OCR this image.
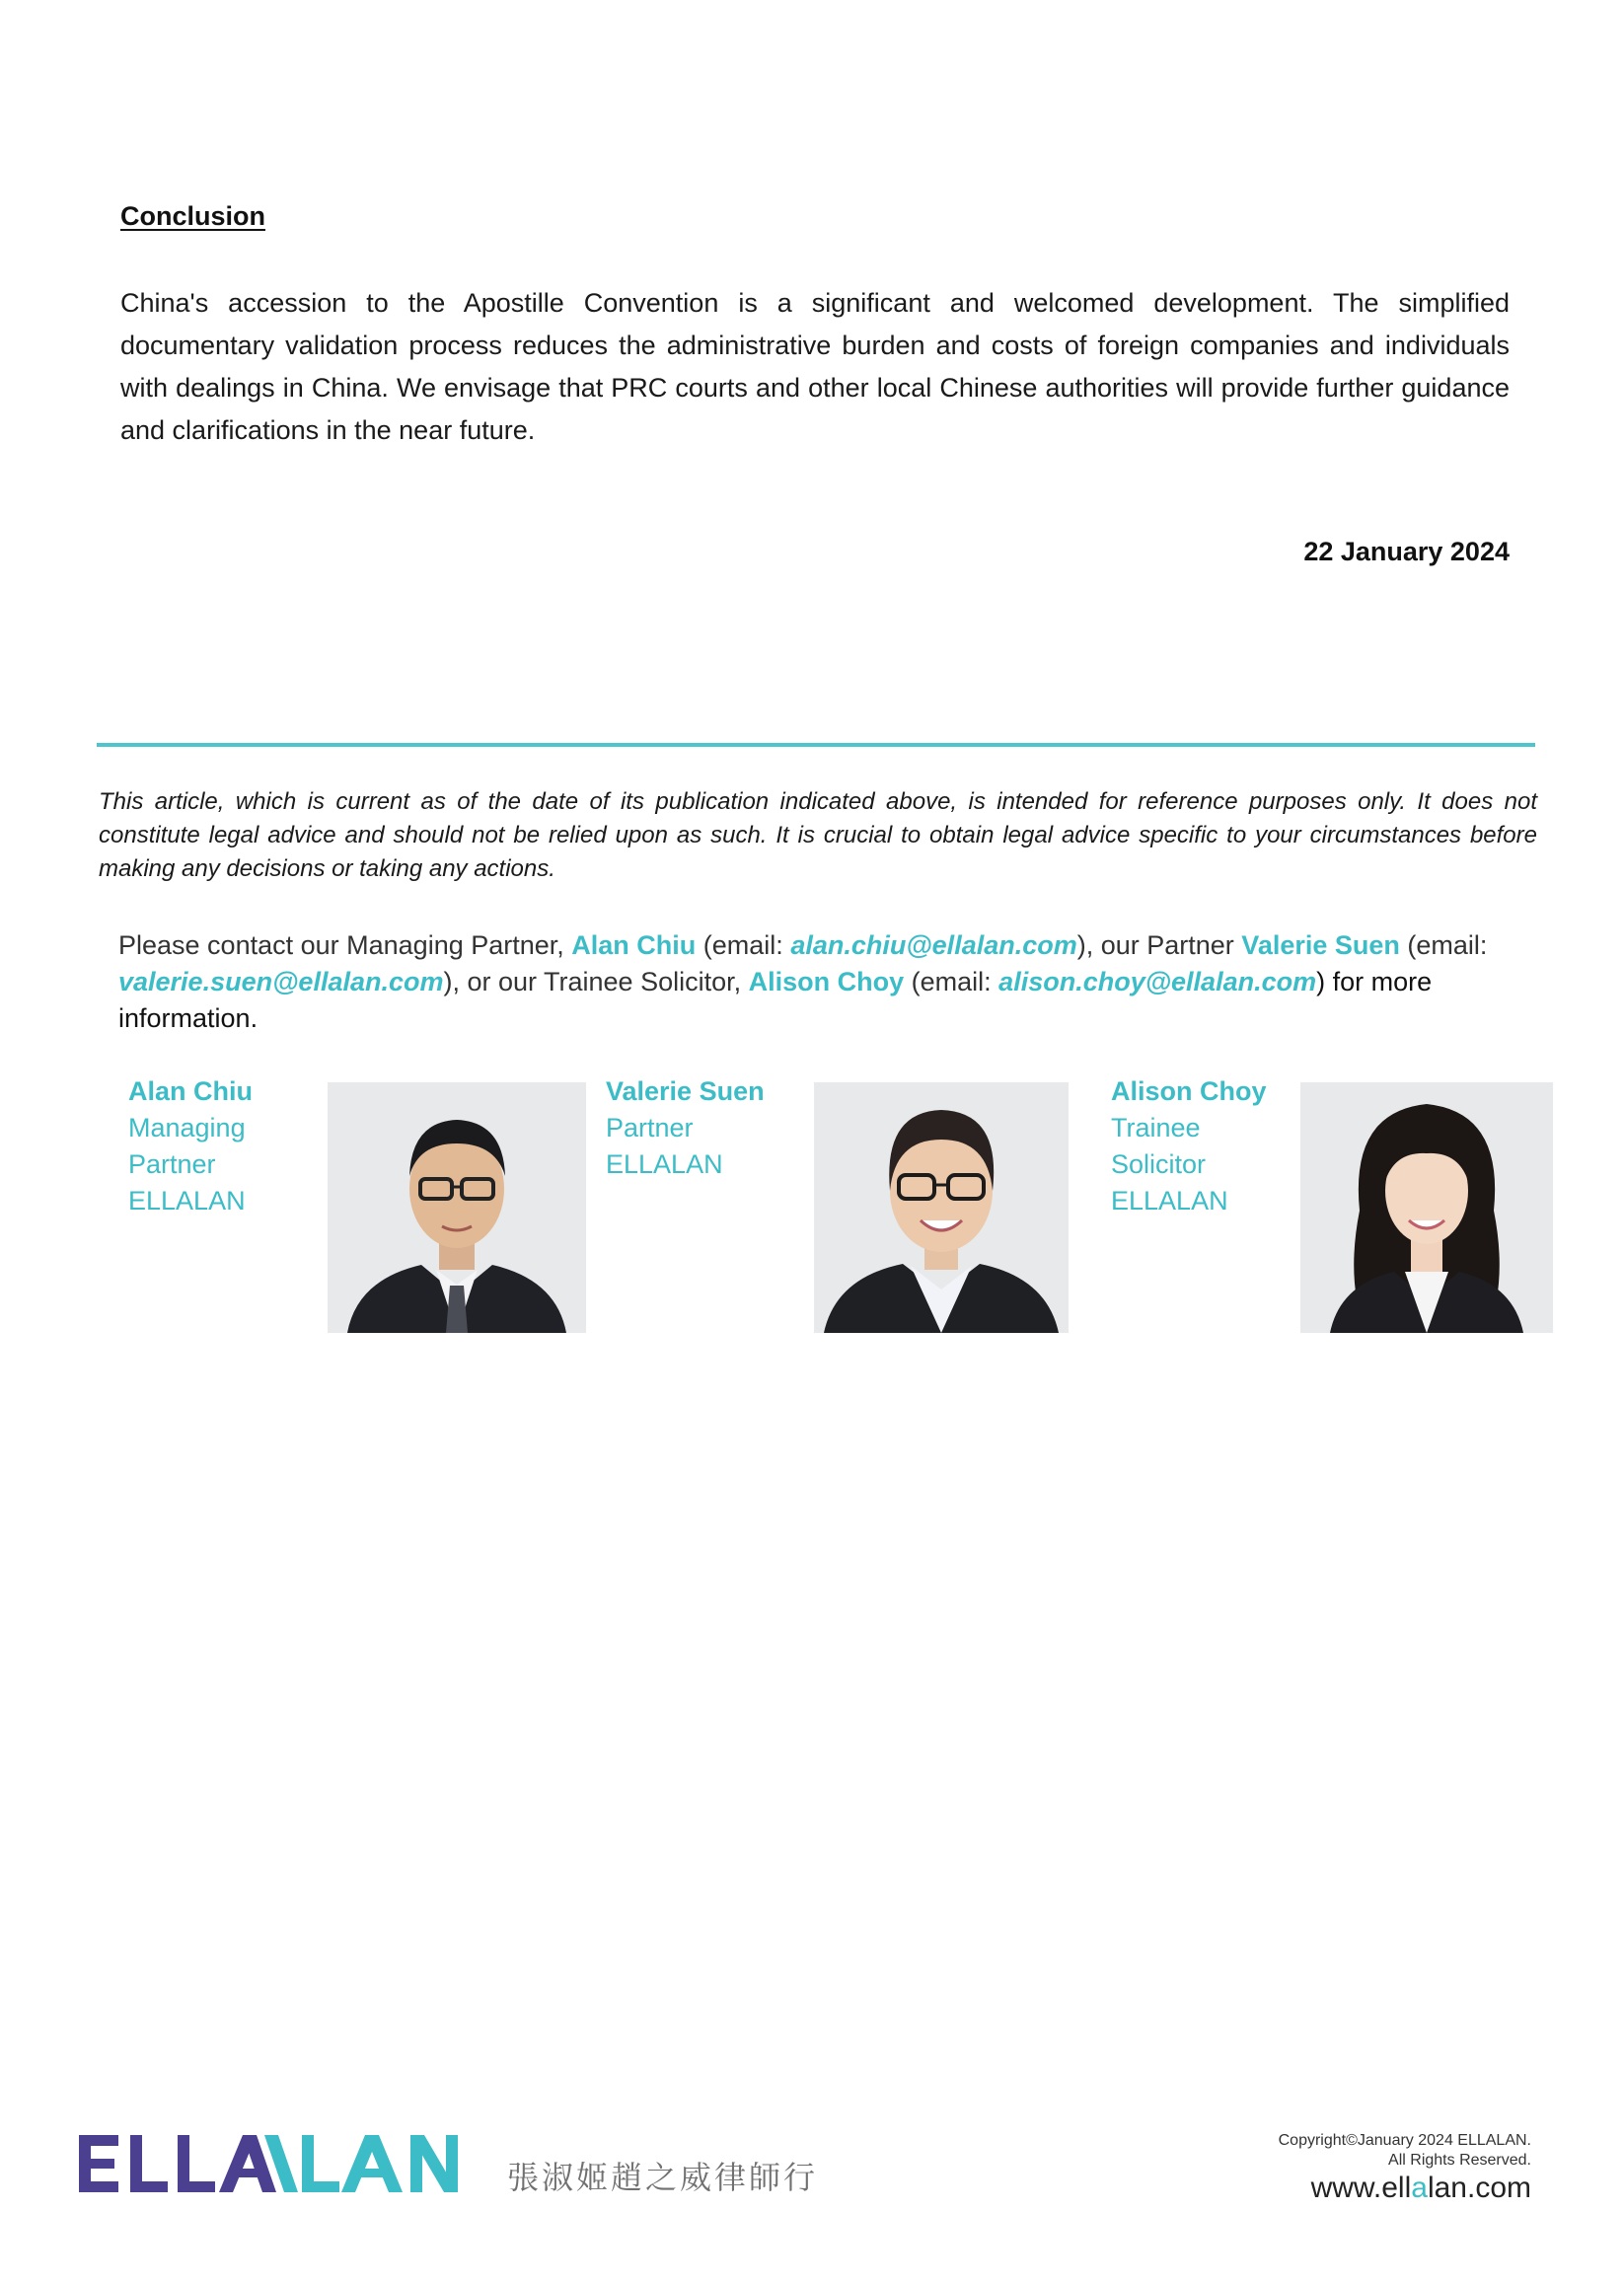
Conclusion
China's accession to the Apostille Convention is a significant and welcomed development. The simplified documentary validation process reduces the administrative burden and costs of foreign companies and individuals with dealings in China. We envisage that PRC courts and other local Chinese authorities will provide further guidance and clarifications in the near future.
22 January 2024
This article, which is current as of the date of its publication indicated above, is intended for reference purposes only. It does not constitute legal advice and should not be relied upon as such. It is crucial to obtain legal advice specific to your circumstances before making any decisions or taking any actions.
Please contact our Managing Partner, Alan Chiu (email: alan.chiu@ellalan.com), our Partner Valerie Suen (email: valerie.suen@ellalan.com), or our Trainee Solicitor, Alison Choy (email: alison.choy@ellalan.com) for more information.
Alan Chiu
Managing
Partner
ELLALAN
Valerie Suen
Partner
ELLALAN
Alison Choy
Trainee
Solicitor
ELLALAN
張淑姬趙之威律師行
Copyright©January 2024 ELLALAN.
All Rights Reserved.
www.ellalan.com
